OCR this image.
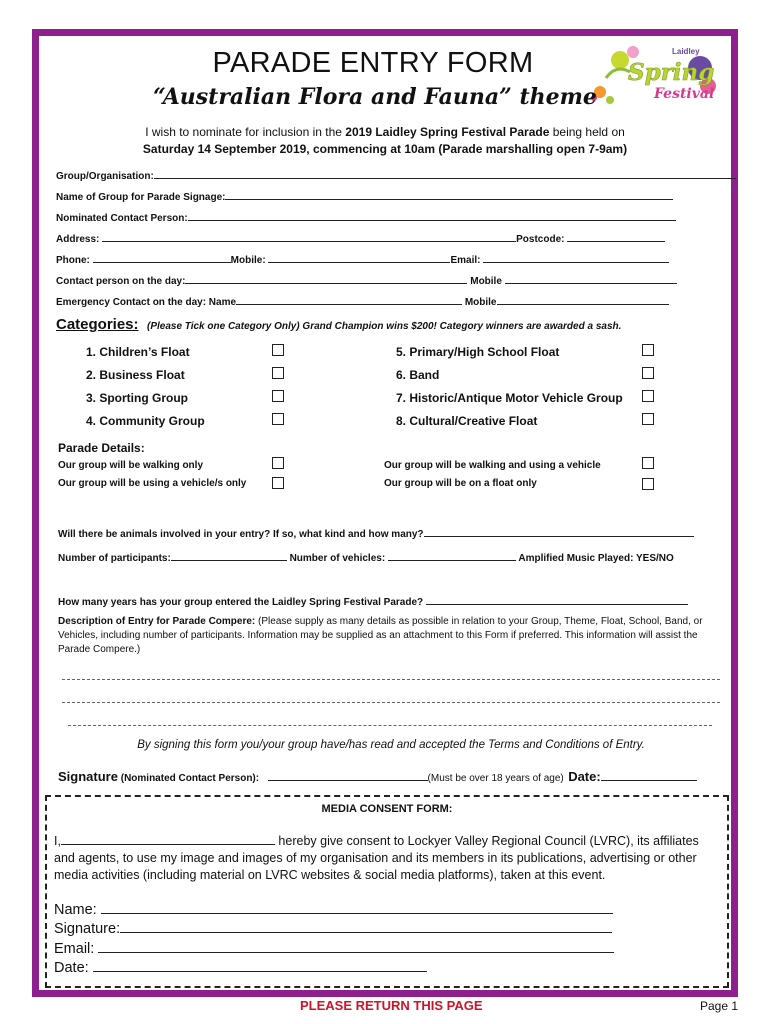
Laidley
Spring
Festival
PARADE ENTRY FORM
“Australian Flora and Fauna” theme
I wish to nominate for inclusion in the 2019 Laidley Spring Festival Parade being held on
Saturday 14 September 2019, commencing at 10am (Parade marshalling open 7-9am)
Group/Organisation:
Name of Group for Parade Signage:
Nominated Contact Person:
Address:	Postcode:
Phone:	Mobile:	Email:
Contact person on the day:	Mobile
Emergency Contact on the day: Name	Mobile
Categories: (Please Tick one Category Only) Grand Champion wins $200! Category winners are awarded a sash.
1. Children’s Float
2. Business Float
3. Sporting Group
4. Community Group
5. Primary/High School Float
6. Band
7. Historic/Antique Motor Vehicle Group
8. Cultural/Creative Float
Parade Details:
Our group will be walking only
Our group will be using a vehicle/s only
Our group will be walking and using a vehicle
Our group will be on a float only
Will there be animals involved in your entry? If so, what kind and how many?
Number of participants:	Number of vehicles:	Amplified Music Played: YES/NO
How many years has your group entered the Laidley Spring Festival Parade?
Description of Entry for Parade Compere: (Please supply as many details as possible in relation to your Group, Theme, Float, School, Band, or Vehicles, including number of participants. Information may be supplied as an attachment to this Form if preferred. This information will assist the Parade Compere.)
By signing this form you/your group have/has read and accepted the Terms and Conditions of Entry.
Signature (Nominated Contact Person):	(Must be over 18 years of age) Date:
MEDIA CONSENT FORM:
I,	hereby give consent to Lockyer Valley Regional Council (LVRC), its affiliates and agents, to use my image and images of my organisation and its members in its publications, advertising or other media activities (including material on LVRC websites & social media platforms), taken at this event.
Name:
Signature:
Email:
Date:
PLEASE RETURN THIS PAGE	Page 1
